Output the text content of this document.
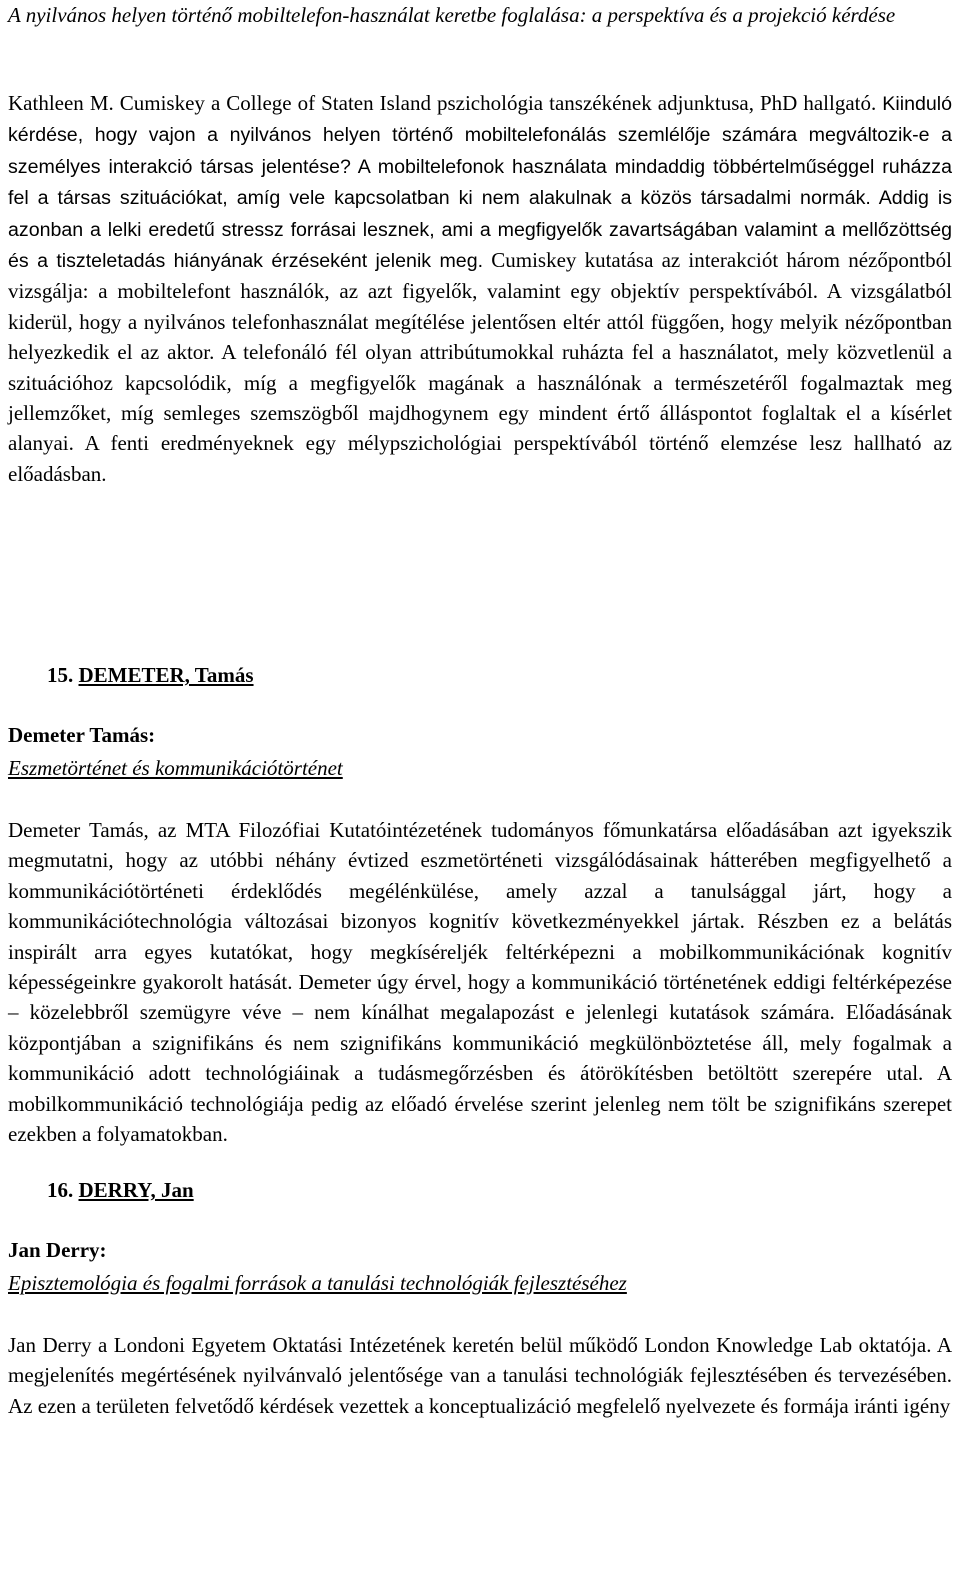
A nyilvános helyen történő mobiltelefon-használat keretbe foglalása: a perspektíva és a projekció kérdése
Kathleen M. Cumiskey a College of Staten Island pszichológia tanszékének adjunktusa, PhD hallgató. Kiinduló kérdése, hogy vajon a nyilvános helyen történő mobiltelefonálás szemlélője számára megváltozik-e a személyes interakció társas jelentése? A mobiltelefonok használata mindaddig többértelműséggel ruházza fel a társas szituációkat, amíg vele kapcsolatban ki nem alakulnak a közös társadalmi normák. Addig is azonban a lelki eredetű stressz forrásai lesznek, ami a megfigyelők zavartságában valamint a mellőzöttség és a tiszteletadás hiányának érzéseként jelenik meg. Cumiskey kutatása az interakciót három nézőpontból vizsgálja: a mobiltelefont használók, az azt figyelők, valamint egy objektív perspektívából. A vizsgálatból kiderül, hogy a nyilvános telefonhasználat megítélése jelentősen eltér attól függően, hogy melyik nézőpontban helyezkedik el az aktor. A telefonáló fél olyan attribútumokkal ruházta fel a használatot, mely közvetlenül a szituációhoz kapcsolódik, míg a megfigyelők magának a használónak a természetéről fogalmaztak meg jellemzőket, míg semleges szemszögből majdhogynem egy mindent értő álláspontot foglaltak el a kísérlet alanyai. A fenti eredményeknek egy mélypszichológiai perspektívából történő elemzése lesz hallható az előadásban.
15. DEMETER, Tamás
Demeter Tamás:
Eszmetörténet és kommunikációtörténet
Demeter Tamás, az MTA Filozófiai Kutatóintézetének tudományos főmunkatársa előadásában azt igyekszik megmutatni, hogy az utóbbi néhány évtized eszmetörténeti vizsgálódásainak hátterében megfigyelhető a kommunikációtörténeti érdeklődés megélénkülése, amely azzal a tanulsággal járt, hogy a kommunikációtechnológia változásai bizonyos kognitív következményekkel jártak. Részben ez a belátás inspirált arra egyes kutatókat, hogy megkíséreljék feltérképezni a mobilkommunikációnak kognitív képességeinkre gyakorolt hatását. Demeter úgy érvel, hogy a kommunikáció történetének eddigi feltérképezése – közelebbről szemügyre véve – nem kínálhat megalapozást e jelenlegi kutatások számára. Előadásának központjában a szignifikáns és nem szignifikáns kommunikáció megkülönböztetése áll, mely fogalmak a kommunikáció adott technológiáinak a tudásmegőrzésben és átörökítésben betöltött szerepére utal. A mobilkommunikáció technológiája pedig az előadó érvelése szerint jelenleg nem tölt be szignifikáns szerepet ezekben a folyamatokban.
16. DERRY, Jan
Jan Derry:
Episztemológia és fogalmi források a tanulási technológiák fejlesztéséhez
Jan Derry a Londoni Egyetem Oktatási Intézetének keretén belül működő London Knowledge Lab oktatója. A megjelenítés megértésének nyilvánvaló jelentősége van a tanulási technológiák fejlesztésében és tervezésében. Az ezen a területen felvetődő kérdések vezettek a konceptualizáció megfelelő nyelvezete és formája iránti igény
